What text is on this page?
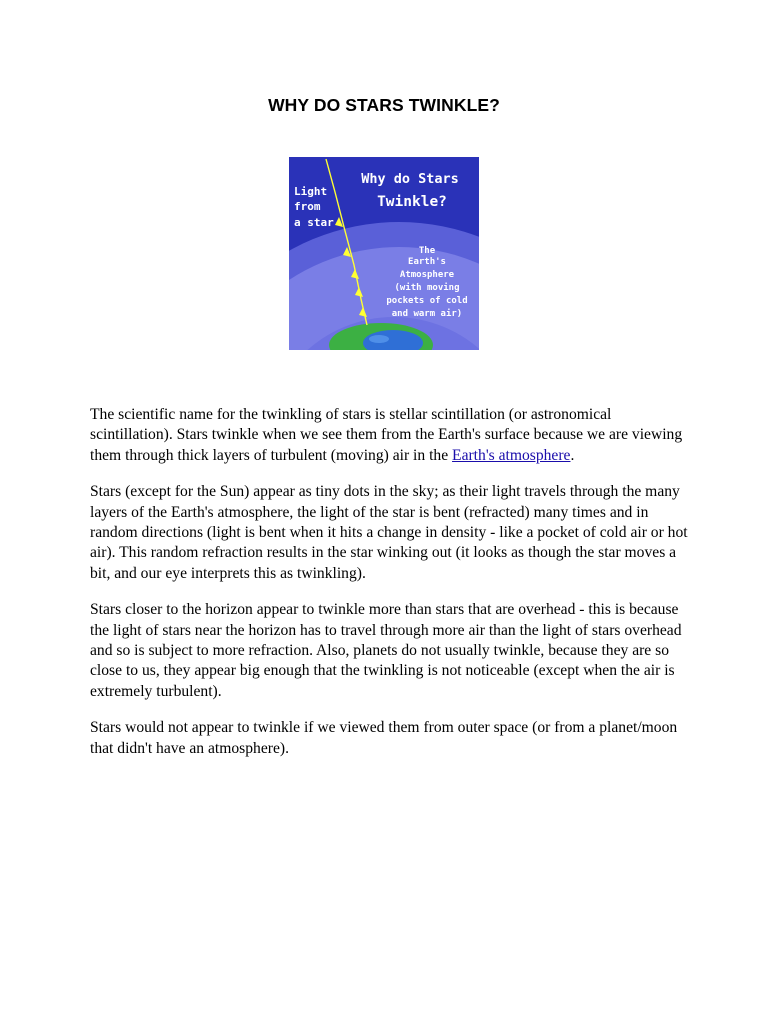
WHY DO STARS TWINKLE?
Why do Stars
Twinkle?
Light
from
a star
The
Earth's
Atmosphere
(with moving
pockets of cold
and warm air)

The scientific name for the twinkling of stars is stellar scintillation (or astronomical scintillation). Stars twinkle when we see them from the Earth's surface because we are viewing them through thick layers of turbulent (moving) air in the Earth's atmosphere.

Stars (except for the Sun) appear as tiny dots in the sky; as their light travels through the many layers of the Earth's atmosphere, the light of the star is bent (refracted) many times and in random directions (light is bent when it hits a change in density - like a pocket of cold air or hot air). This random refraction results in the star winking out (it looks as though the star moves a bit, and our eye interprets this as twinkling).

Stars closer to the horizon appear to twinkle more than stars that are overhead - this is because the light of stars near the horizon has to travel through more air than the light of stars overhead and so is subject to more refraction. Also, planets do not usually twinkle, because they are so close to us, they appear big enough that the twinkling is not noticeable (except when the air is extremely turbulent).

Stars would not appear to twinkle if we viewed them from outer space (or from a planet/moon that didn't have an atmosphere).
